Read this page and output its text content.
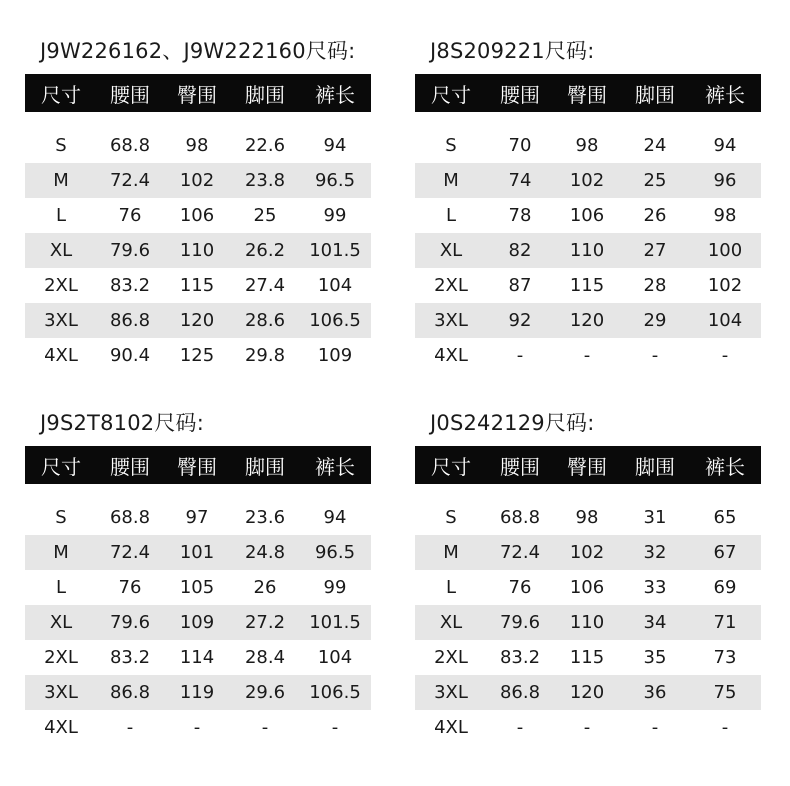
J9W226162、J9W222160尺码:
尺寸	腰围	臀围	脚围	裤长

S	68.8	98	22.6	94
M	72.4	102	23.8	96.5
L	76	106	25	99
XL	79.6	110	26.2	101.5
2XL	83.2	115	27.4	104
3XL	86.8	120	28.6	106.5
4XL	90.4	125	29.8	109
J8S209221尺码:
尺寸	腰围	臀围	脚围	裤长

S	70	98	24	94
M	74	102	25	96
L	78	106	26	98
XL	82	110	27	100
2XL	87	115	28	102
3XL	92	120	29	104
4XL	-	-	-	-
J9S2T8102尺码:
尺寸	腰围	臀围	脚围	裤长

S	68.8	97	23.6	94
M	72.4	101	24.8	96.5
L	76	105	26	99
XL	79.6	109	27.2	101.5
2XL	83.2	114	28.4	104
3XL	86.8	119	29.6	106.5
4XL	-	-	-	-
J0S242129尺码:
尺寸	腰围	臀围	脚围	裤长

S	68.8	98	31	65
M	72.4	102	32	67
L	76	106	33	69
XL	79.6	110	34	71
2XL	83.2	115	35	73
3XL	86.8	120	36	75
4XL	-	-	-	-
